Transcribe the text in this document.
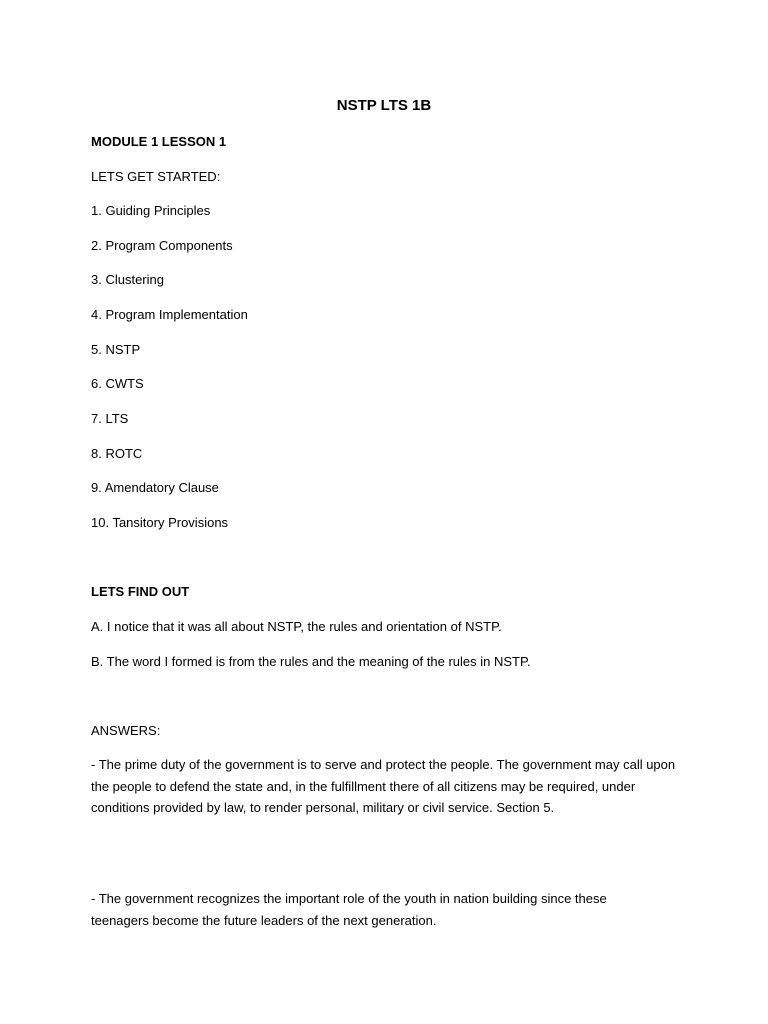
NSTP LTS 1B
MODULE 1 LESSON 1
LETS GET STARTED:
1. Guiding Principles
2. Program Components
3. Clustering
4. Program Implementation
5. NSTP
6. CWTS
7. LTS
8. ROTC
9. Amendatory Clause
10. Tansitory Provisions
LETS FIND OUT
A. I notice that it was all about NSTP, the rules and orientation of NSTP.
B. The word I formed is from the rules and the meaning of the rules in NSTP.
ANSWERS:
- The prime duty of the government is to serve and protect the people. The government may call upon the people to defend the state and, in the fulfillment there of all citizens may be required, under conditions provided by law, to render personal, military or civil service. Section 5.
- The government recognizes the important role of the youth in nation building since these teenagers become the future leaders of the next generation.
